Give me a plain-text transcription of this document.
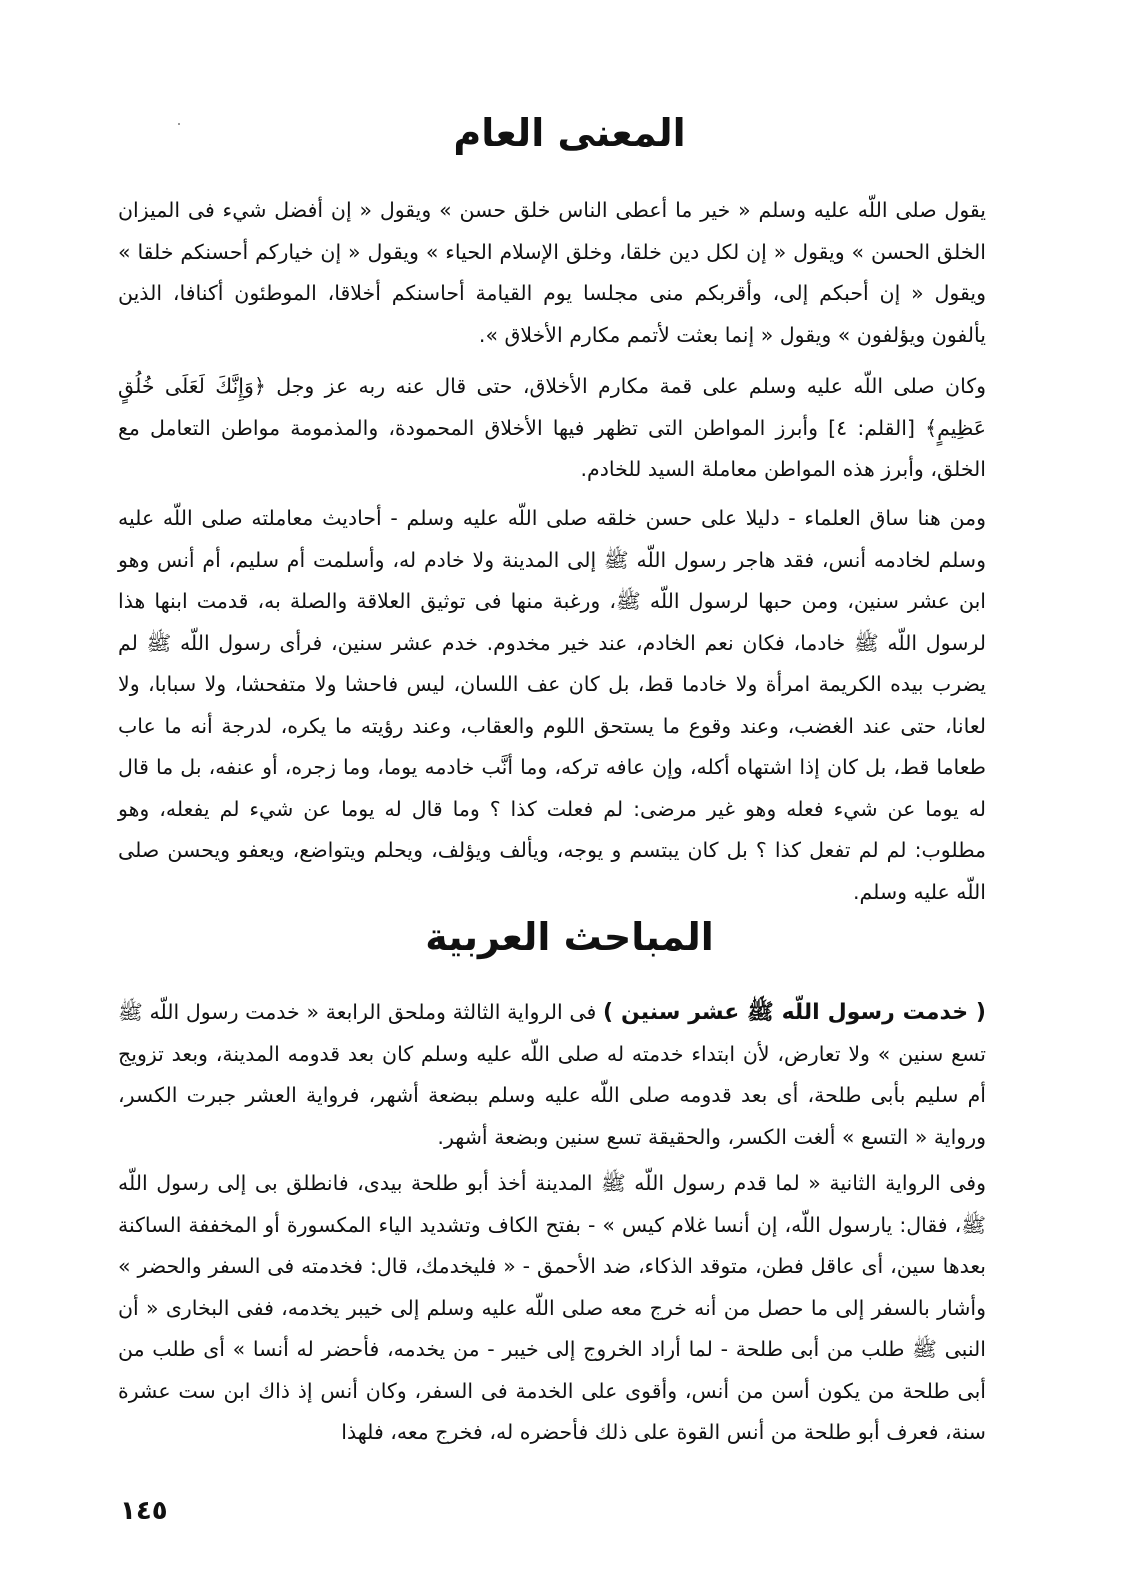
المعنى العام

يقول صلى اللّه عليه وسلم « خير ما أعطى الناس خلق حسن » ويقول « إن أفضل شيء فى الميزان الخلق الحسن » ويقول « إن لكل دين خلقا، وخلق الإسلام الحياء » ويقول « إن خياركم أحسنكم خلقا » ويقول « إن أحبكم إلى، وأقربكم منى مجلسا يوم القيامة أحاسنكم أخلاقا، الموطئون أكنافا، الذين يألفون ويؤلفون » ويقول « إنما بعثت لأتمم مكارم الأخلاق ».

وكان صلى اللّه عليه وسلم على قمة مكارم الأخلاق، حتى قال عنه ربه عز وجل ﴿وَإِنَّكَ لَعَلَى خُلُقٍ عَظِيمٍ﴾ [القلم: ٤] وأبرز المواطن التى تظهر فيها الأخلاق المحمودة، والمذمومة مواطن التعامل مع الخلق، وأبرز هذه المواطن معاملة السيد للخادم.

ومن هنا ساق العلماء - دليلا على حسن خلقه صلى اللّه عليه وسلم - أحاديث معاملته صلى اللّه عليه وسلم لخادمه أنس، فقد هاجر رسول اللّه ﷺ إلى المدينة ولا خادم له، وأسلمت أم سليم، أم أنس وهو ابن عشر سنين، ومن حبها لرسول اللّه ﷺ، ورغبة منها فى توثيق العلاقة والصلة به، قدمت ابنها هذا لرسول اللّه ﷺ خادما، فكان نعم الخادم، عند خير مخدوم. خدم عشر سنين، فرأى رسول اللّه ﷺ لم يضرب بيده الكريمة امرأة ولا خادما قط، بل كان عف اللسان، ليس فاحشا ولا متفحشا، ولا سبابا، ولا لعانا، حتى عند الغضب، وعند وقوع ما يستحق اللوم والعقاب، وعند رؤيته ما يكره، لدرجة أنه ما عاب طعاما قط، بل كان إذا اشتهاه أكله، وإن عافه تركه، وما أنَّب خادمه يوما، وما زجره، أو عنفه، بل ما قال له يوما عن شيء فعله وهو غير مرضى: لم فعلت كذا ؟ وما قال له يوما عن شيء لم يفعله، وهو مطلوب: لم لم تفعل كذا ؟ بل كان يبتسم و يوجه، ويألف ويؤلف، ويحلم ويتواضع، ويعفو ويحسن صلى اللّه عليه وسلم.

المباحث العربية

( خدمت رسول اللّه ﷺ عشر سنين ) فى الرواية الثالثة وملحق الرابعة « خدمت رسول اللّه ﷺ تسع سنين » ولا تعارض، لأن ابتداء خدمته له صلى اللّه عليه وسلم كان بعد قدومه المدينة، وبعد تزويج أم سليم بأبى طلحة، أى بعد قدومه صلى اللّه عليه وسلم ببضعة أشهر، فرواية العشر جبرت الكسر، ورواية « التسع » ألغت الكسر، والحقيقة تسع سنين وبضعة أشهر.

وفى الرواية الثانية « لما قدم رسول اللّه ﷺ المدينة أخذ أبو طلحة بيدى، فانطلق بى إلى رسول اللّه ﷺ، فقال: يارسول اللّه، إن أنسا غلام كيس » - بفتح الكاف وتشديد الياء المكسورة أو المخففة الساكنة بعدها سين، أى عاقل فطن، متوقد الذكاء، ضد الأحمق - « فليخدمك، قال: فخدمته فى السفر والحضر » وأشار بالسفر إلى ما حصل من أنه خرج معه صلى اللّه عليه وسلم إلى خيبر يخدمه، ففى البخارى « أن النبى ﷺ طلب من أبى طلحة - لما أراد الخروج إلى خيبر - من يخدمه، فأحضر له أنسا » أى طلب من أبى طلحة من يكون أسن من أنس، وأقوى على الخدمة فى السفر، وكان أنس إذ ذاك ابن ست عشرة سنة، فعرف أبو طلحة من أنس القوة على ذلك فأحضره له، فخرج معه، فلهذا

١٤٥
